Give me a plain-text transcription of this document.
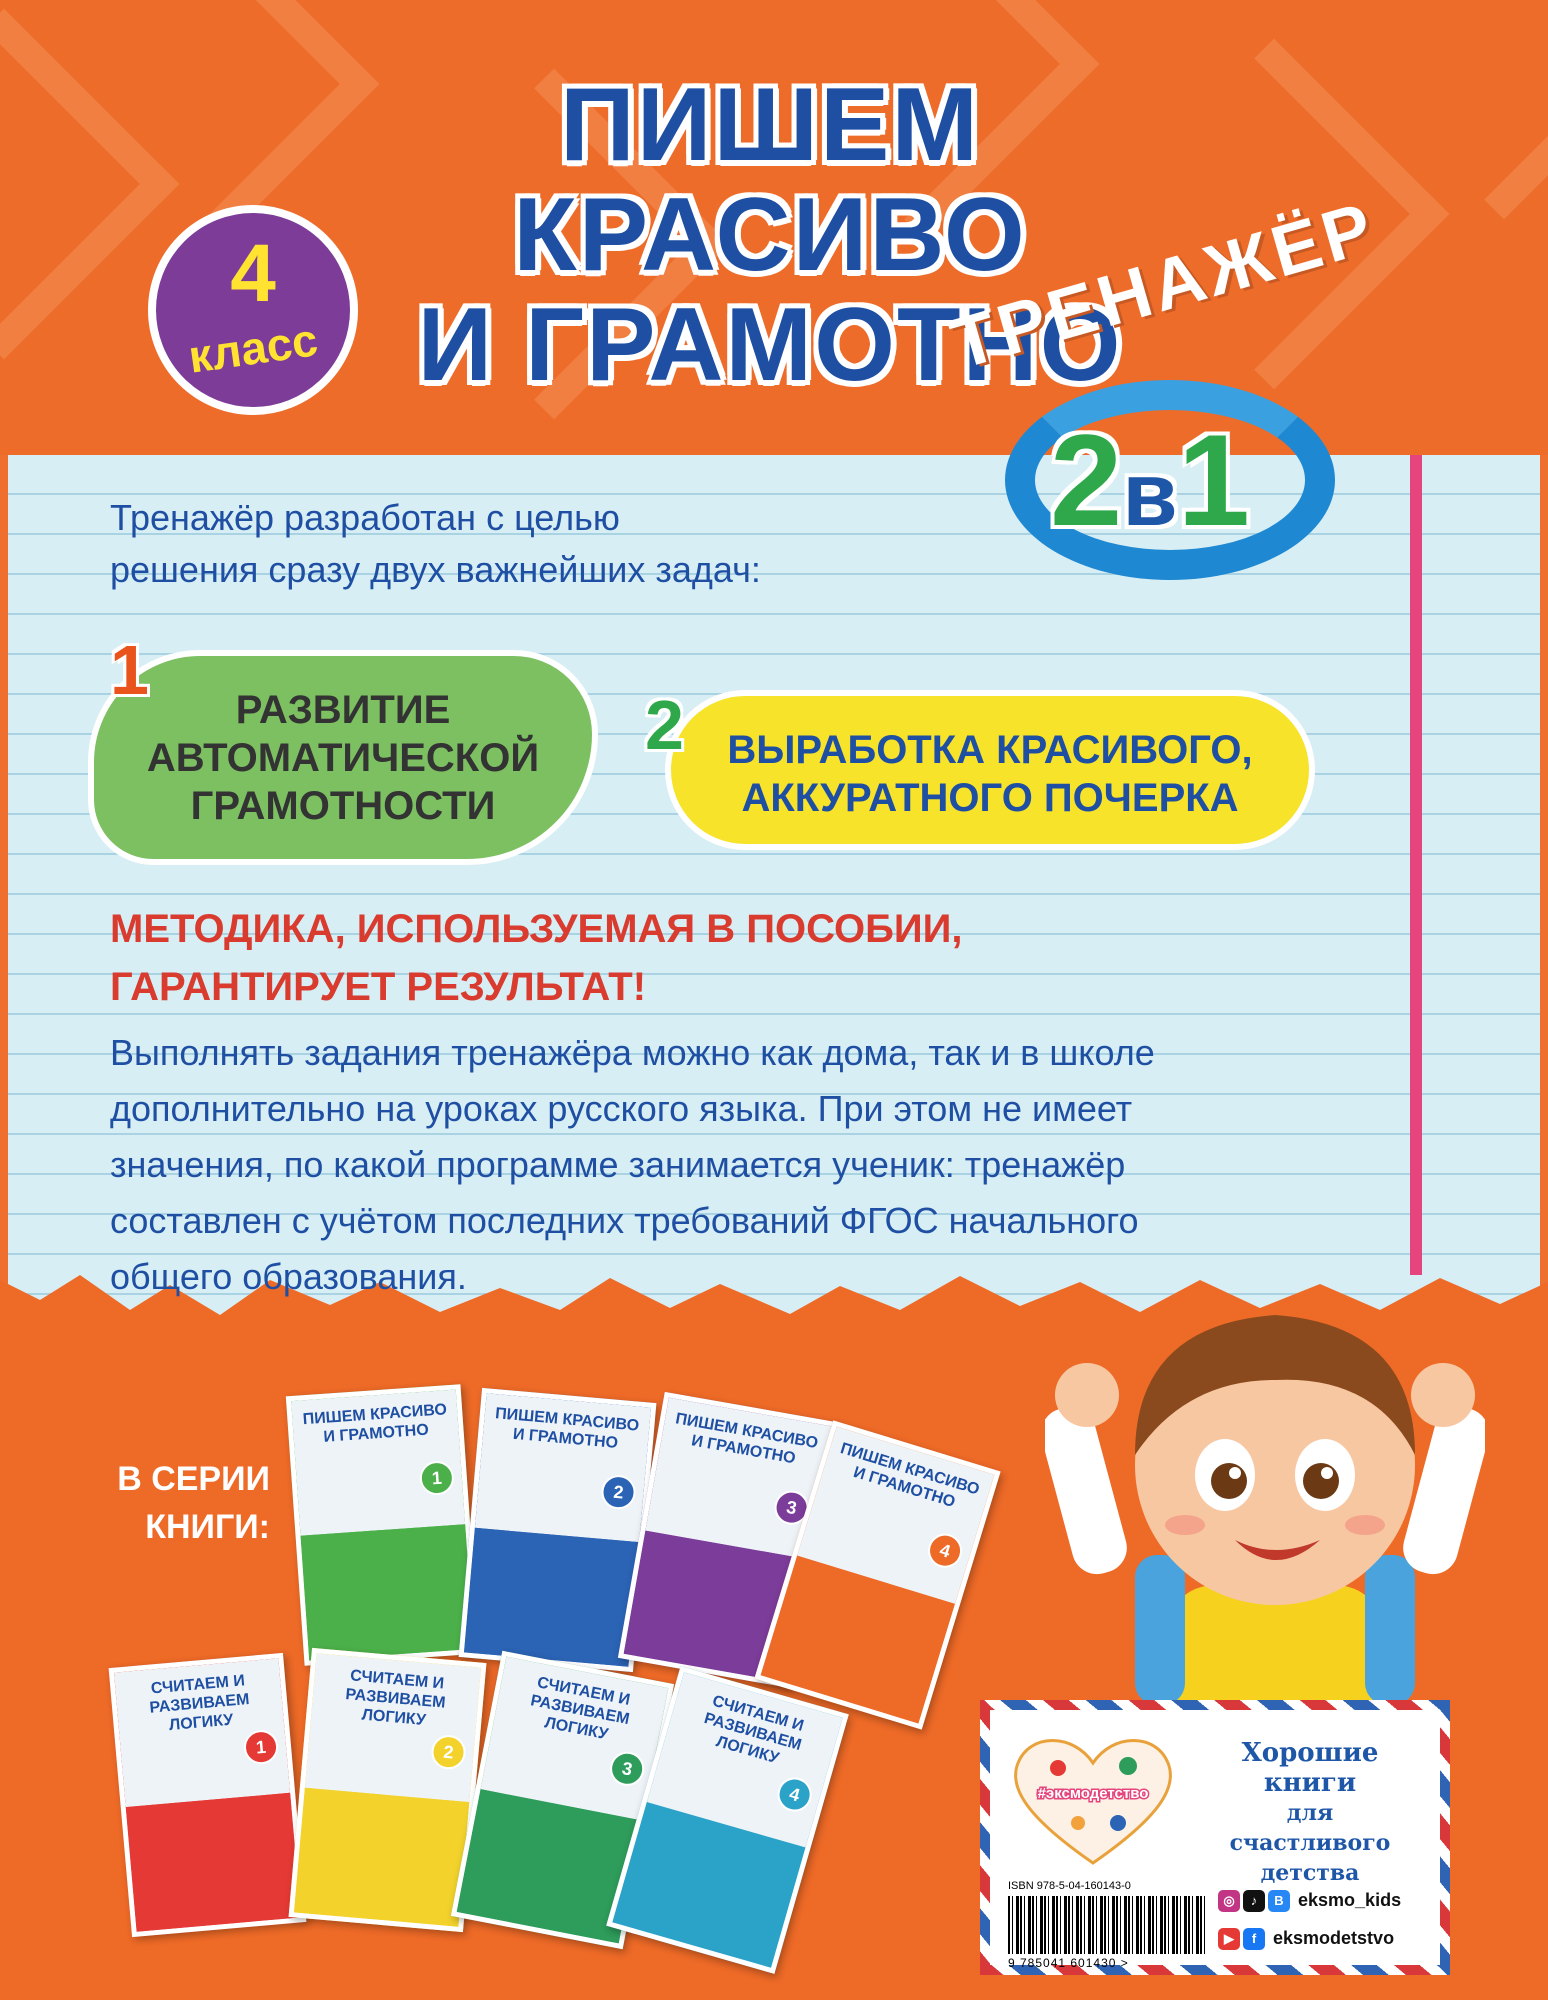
ПИШЕМ КРАСИВО
И ГРАМОТНО
4
класс	ТРЕНАЖЁР
2в1
Тренажёр разработан с целью
решения сразу двух важнейших задач:
РАЗВИТИЕ
АВТОМАТИЧЕСКОЙ
ГРАМОТНОСТИ
1
ВЫРАБОТКА КРАСИВОГО,
АККУРАТНОГО ПОЧЕРКА
2
МЕТОДИКА, ИСПОЛЬЗУЕМАЯ В ПОСОБИИ,
ГАРАНТИРУЕТ РЕЗУЛЬТАТ!
Выполнять задания тренажёра можно как дома, так и в школе
дополнительно на уроках русского языка. При этом не имеет
значения, по какой программе занимается ученик: тренажёр
составлен с учётом последних требований ФГОС начального
общего образования.
В СЕРИИ
КНИГИ:
ПИШЕМ КРАСИВО И ГРАМОТНО
1
ПИШЕМ КРАСИВО И ГРАМОТНО
2
ПИШЕМ КРАСИВО И ГРАМОТНО
3
ПИШЕМ КРАСИВО И ГРАМОТНО
4
СЧИТАЕМ И РАЗВИВАЕМ ЛОГИКУ
1
СЧИТАЕМ И РАЗВИВАЕМ ЛОГИКУ
2
СЧИТАЕМ И РАЗВИВАЕМ ЛОГИКУ
3
СЧИТАЕМ И РАЗВИВАЕМ ЛОГИКУ
4	#эксмодетство
Хорошие
книги
для счастливого
детства
ISBN 978-5-04-160143-0
9 785041 601430 >
◎ ♪ В eksmo_kids
▶ f eksmodetstvo
